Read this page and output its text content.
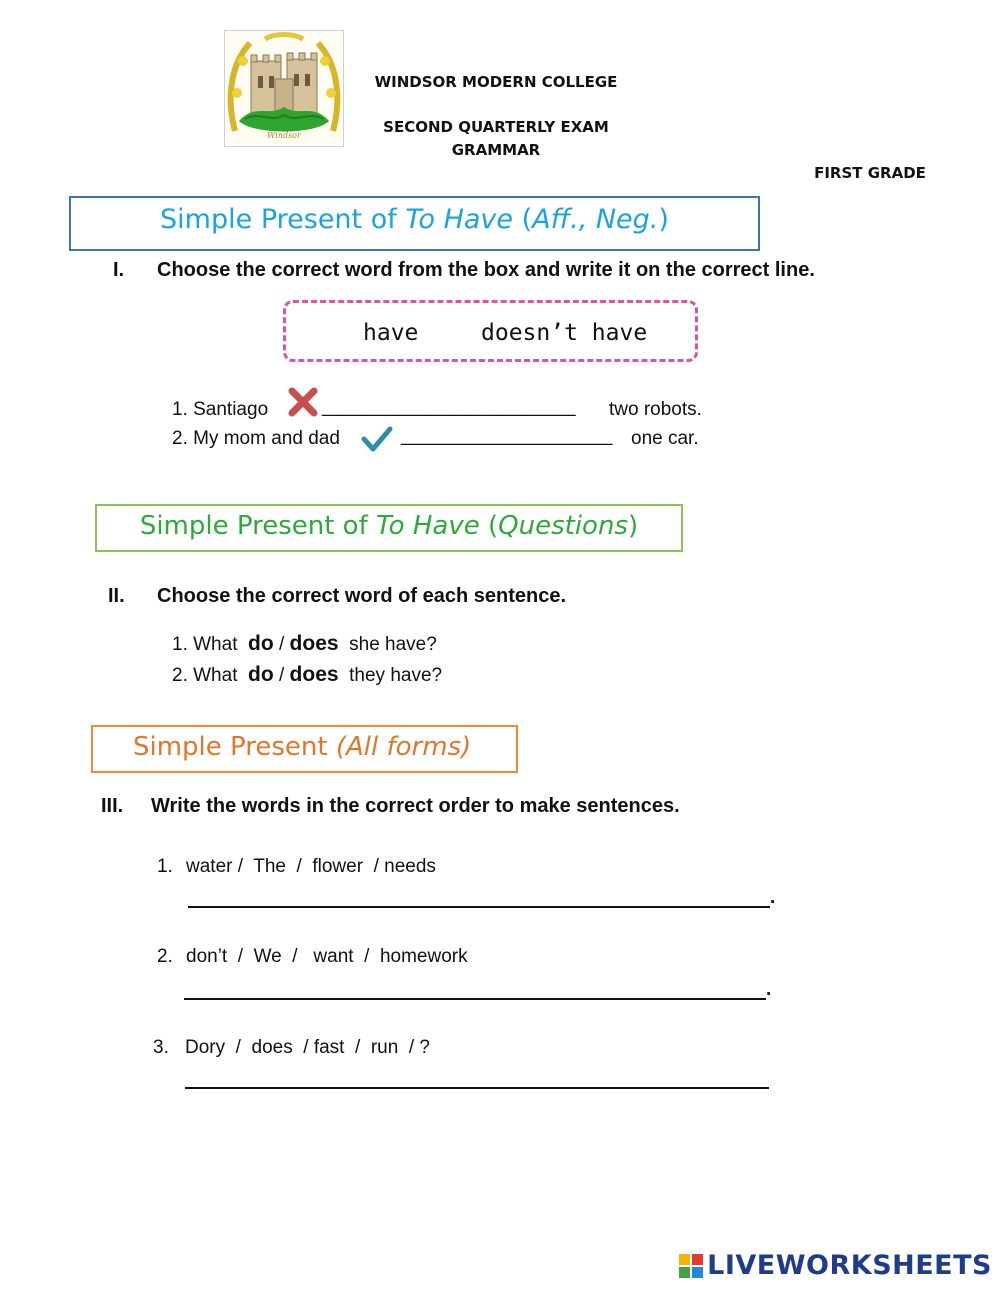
Windsor
WINDSOR MODERN COLLEGE
SECOND QUARTERLY EXAM
GRAMMAR
FIRST GRADE
Simple Present of To Have (Aff., Neg.)
I. Choose the correct word from the box and write it on the correct line.
have	doesn’t have
1. Santiago	________________________ two robots.
2. My mom and dad	____________________ one car.
Simple Present of To Have (Questions)
II. Choose the correct word of each sentence.
1. What do / does she have?
2. What do / does they have?
Simple Present (All forms)
III. Write the words in the correct order to make sentences.
1. water /  The  /  flower  / needs
.
2. don’t  /  We  /   want  /  homework
.
3. Dory  /  does  / fast  /  run  / ?
LIVEWORKSHEETS
